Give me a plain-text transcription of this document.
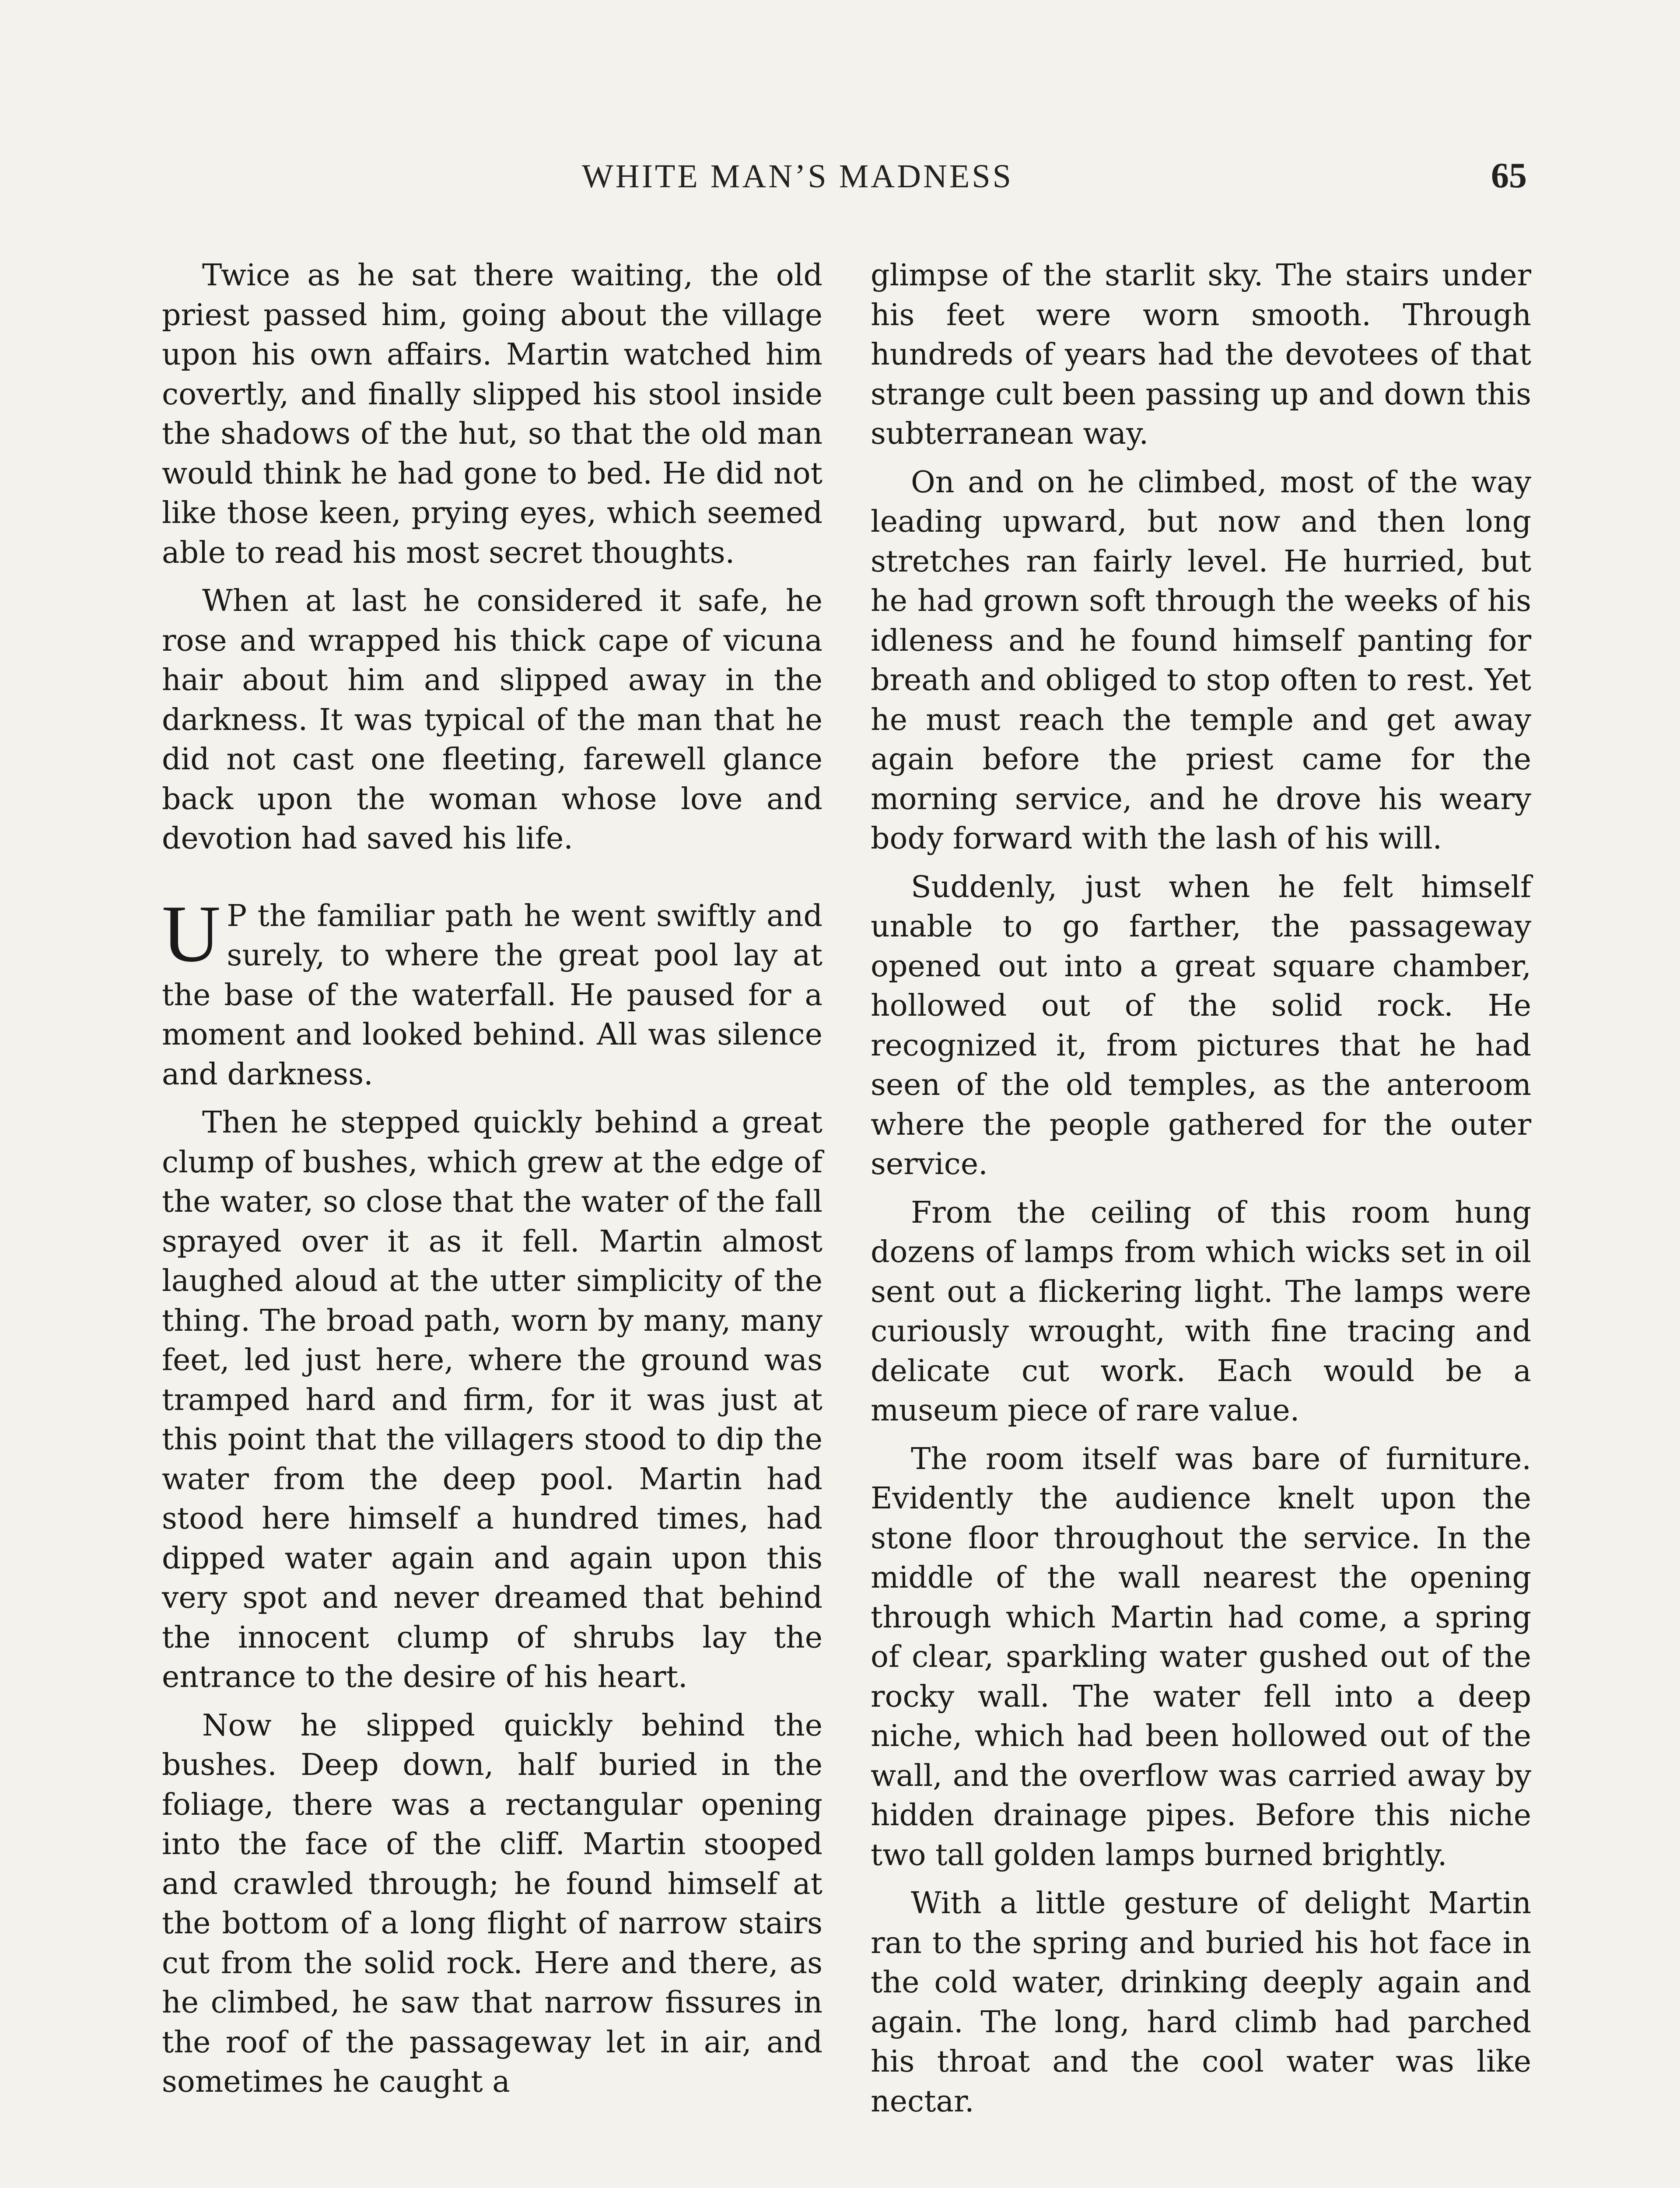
WHITE MAN’S MADNESS	65

Twice as he sat there waiting, the old priest passed him, going about the village upon his own affairs. Martin watched him covertly, and finally slipped his stool inside the shadows of the hut, so that the old man would think he had gone to bed. He did not like those keen, prying eyes, which seemed able to read his most secret thoughts.

When at last he considered it safe, he rose and wrapped his thick cape of vicuna hair about him and slipped away in the darkness. It was typical of the man that he did not cast one fleeting, farewell glance back upon the woman whose love and devotion had saved his life.

U P the familiar path he went swiftly and surely, to where the great pool lay at the base of the waterfall. He paused for a moment and looked behind. All was silence and darkness.

Then he stepped quickly behind a great clump of bushes, which grew at the edge of the water, so close that the water of the fall sprayed over it as it fell. Martin almost laughed aloud at the utter simplicity of the thing. The broad path, worn by many, many feet, led just here, where the ground was tramped hard and firm, for it was just at this point that the villagers stood to dip the water from the deep pool. Martin had stood here himself a hundred times, had dipped water again and again upon this very spot and never dreamed that behind the innocent clump of shrubs lay the entrance to the desire of his heart.

Now he slipped quickly behind the bushes. Deep down, half buried in the foliage, there was a rectangular opening into the face of the cliff. Martin stooped and crawled through; he found himself at the bottom of a long flight of narrow stairs cut from the solid rock. Here and there, as he climbed, he saw that narrow fissures in the roof of the passageway let in air, and sometimes he caught a

glimpse of the starlit sky. The stairs under his feet were worn smooth. Through hundreds of years had the devotees of that strange cult been passing up and down this subterranean way.

On and on he climbed, most of the way leading upward, but now and then long stretches ran fairly level. He hurried, but he had grown soft through the weeks of his idleness and he found himself panting for breath and obliged to stop often to rest. Yet he must reach the temple and get away again before the priest came for the morning service, and he drove his weary body forward with the lash of his will.

Suddenly, just when he felt himself unable to go farther, the passageway opened out into a great square chamber, hollowed out of the solid rock. He recognized it, from pictures that he had seen of the old temples, as the anteroom where the people gathered for the outer service.

From the ceiling of this room hung dozens of lamps from which wicks set in oil sent out a flickering light. The lamps were curiously wrought, with fine tracing and delicate cut work. Each would be a museum piece of rare value.

The room itself was bare of furniture. Evidently the audience knelt upon the stone floor throughout the service. In the middle of the wall nearest the opening through which Martin had come, a spring of clear, sparkling water gushed out of the rocky wall. The water fell into a deep niche, which had been hollowed out of the wall, and the overflow was carried away by hidden drainage pipes. Before this niche two tall golden lamps burned brightly.

With a little gesture of delight Martin ran to the spring and buried his hot face in the cold water, drinking deeply again and again. The long, hard climb had parched his throat and the cool water was like nectar.
